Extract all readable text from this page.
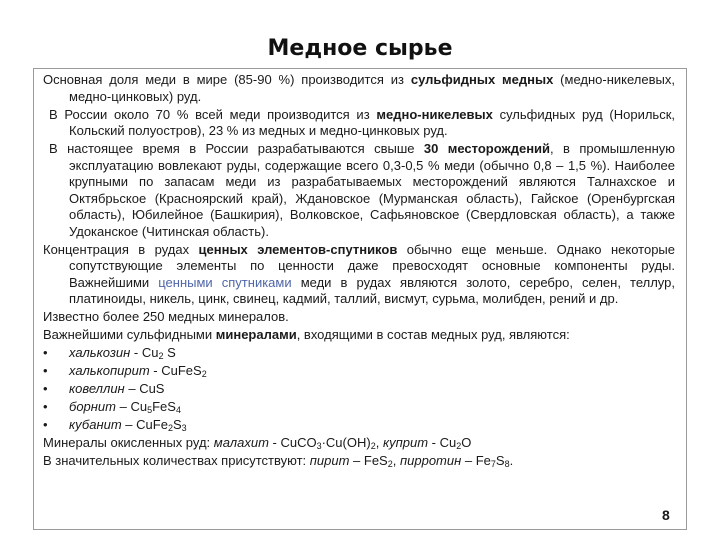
Медное сырье

Основная доля меди в мире (85-90 %) производится из сульфидных медных (медно-никелевых, медно-цинковых) руд.

В России около 70 % всей меди производится из медно-никелевых сульфидных руд (Норильск, Кольский полуостров), 23 % из медных и медно-цинковых руд.

В настоящее время в России разрабатываются свыше 30 месторождений, в промышленную эксплуатацию вовлекают руды, содержащие всего 0,3-0,5 % меди (обычно 0,8 – 1,5 %). Наиболее крупными по запасам меди из разрабатываемых месторождений являются Талнахское и Октябрьское (Красноярский край), Ждановское (Мурманская область), Гайское (Оренбургская область), Юбилейное (Башкирия), Волковское, Сафьяновское (Свердловская область), а также Удоканское (Читинская область).

Концентрация в рудах ценных элементов-спутников обычно еще меньше. Однако некоторые сопутствующие элементы по ценности даже превосходят основные компоненты руды. Важнейшими ценными спутниками меди в рудах являются золото, серебро, селен, теллур, платиноиды, никель, цинк, свинец, кадмий, таллий, висмут, сурьма, молибден, рений и др.

Известно более 250 медных минералов.

Важнейшими сульфидными минералами, входящими в состав медных руд, являются:

• халькозин - $Cu_2$ S

• халькопирит - CuFeS$_2$

• ковеллин – CuS

• борнит – $Cu_5FeS_4$

• кубанит – $CuFe_2S_3$

Минералы окисленных руд: малахит - $CuCO_3\cdot Cu(OH)_2$, куприт - $Cu_2O$

В значительных количествах присутствуют: пирит – FeS$_2$, пирротин – $Fe_7S_8$.

8
